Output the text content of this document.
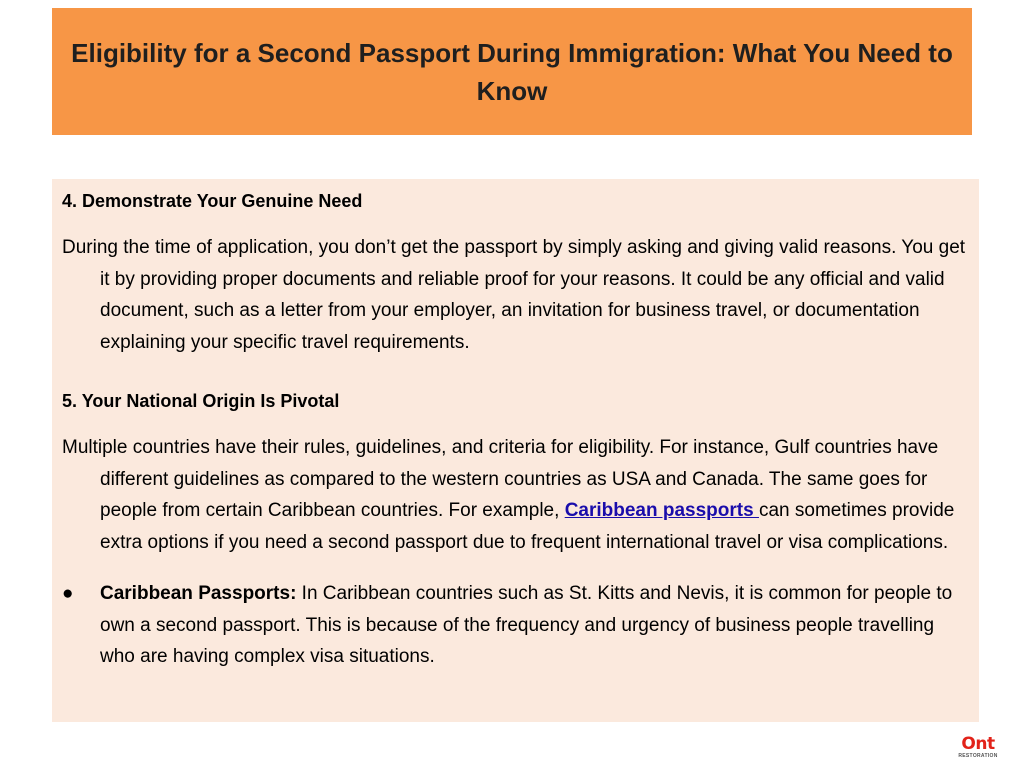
Eligibility for a Second Passport During Immigration: What You Need to Know
4. Demonstrate Your Genuine Need
During the time of application, you don’t get the passport by simply asking and giving valid reasons. You get it by providing proper documents and reliable proof for your reasons. It could be any official and valid document, such as a letter from your employer, an invitation for business travel, or documentation explaining your specific travel requirements.
5. Your National Origin Is Pivotal
Multiple countries have their rules, guidelines, and criteria for eligibility. For instance, Gulf countries have different guidelines as compared to the western countries as USA and Canada. The same goes for people from certain Caribbean countries. For example, Caribbean passports can sometimes provide extra options if you need a second passport due to frequent international travel or visa complications.
●	Caribbean Passports: In Caribbean countries such as St. Kitts and Nevis, it is common for people to own a second passport. This is because of the frequency and urgency of business people travelling who are having complex visa situations.
Ont
RESTORATION
